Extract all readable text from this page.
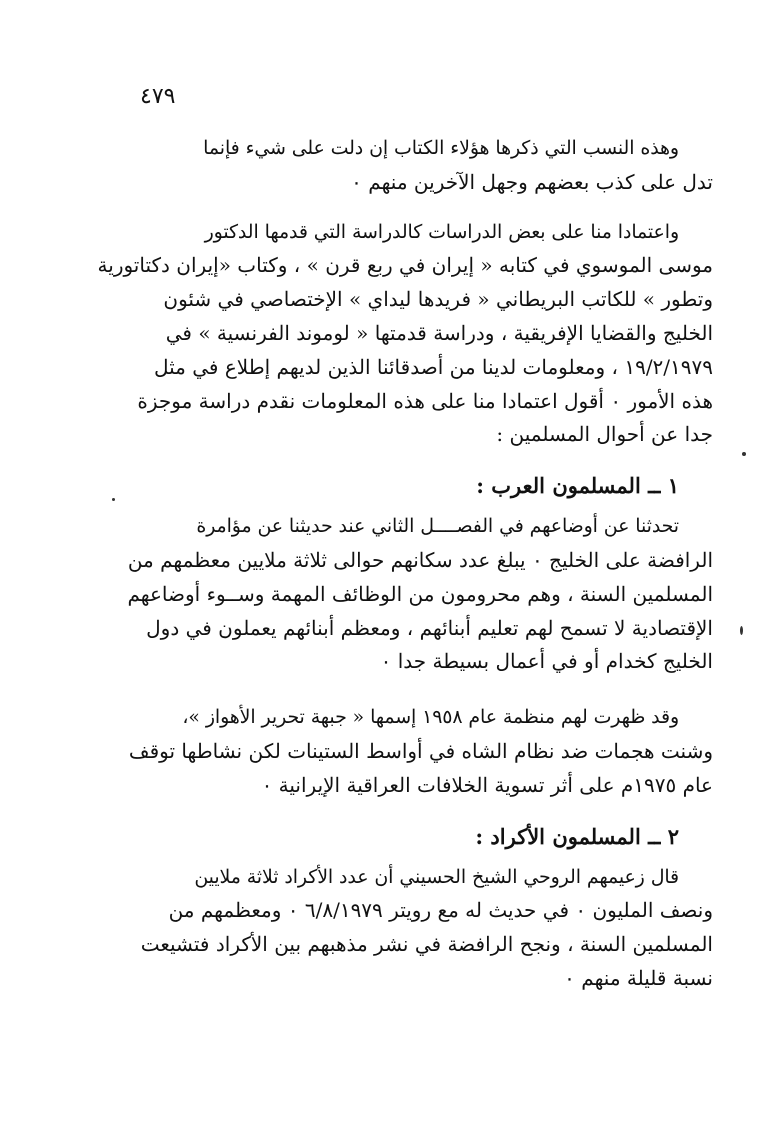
٤٧٩

وهذه النسب التي ذكرها هؤلاء الكتاب إن دلت على شيء فإنما
تدل على كذب بعضهم وجهل الآخرين منهم ٠

واعتمادا منا على بعض الدراسات كالدراسة التي قدمها الدكتور
موسى الموسوي في كتابه « إيران في ربع قرن » ، وكتاب «إيران دكتاتورية
وتطور » للكاتب البريطاني « فريدها ليداي » الإختصاصي في شئون
الخليج والقضايا الإفريقية ، ودراسة قدمتها « لوموند الفرنسية » في
١٩/٢/١٩٧٩ ، ومعلومات لدينا من أصدقائنا الذين لديهم إطلاع في مثل
هذه الأمور ٠ أقول اعتمادا منا على هذه المعلومات نقدم دراسة موجزة
جدا عن أحوال المسلمين :

١ ــ المسلمون العرب :

تحدثنا عن أوضاعهم في الفصــــل الثاني عند حديثنا عن مؤامرة
الرافضة على الخليج ٠ يبلغ عدد سكانهم حوالى ثلاثة ملايين معظمهم من
المسلمين السنة ، وهم محرومون من الوظائف المهمة وســوء أوضاعهم
الإقتصادية لا تسمح لهم تعليم أبنائهم ، ومعظم أبنائهم يعملون في دول
الخليج كخدام أو في أعمال بسيطة جدا ٠

وقد ظهرت لهم منظمة عام ١٩٥٨ إسمها « جبهة تحرير الأهواز »،
وشنت هجمات ضد نظام الشاه في أواسط الستينات لكن نشاطها توقف
عام ١٩٧٥م على أثر تسوية الخلافات العراقية الإيرانية ٠

٢ ــ المسلمون الأكراد :

قال زعيمهم الروحي الشيخ الحسيني أن عدد الأكراد ثلاثة ملايين
ونصف المليون ٠ في حديث له مع رويتر ٦/٨/١٩٧٩ ٠ ومعظمهم من
المسلمين السنة ، ونجح الرافضة في نشر مذهبهم بين الأكراد فتشيعت
نسبة قليلة منهم ٠
